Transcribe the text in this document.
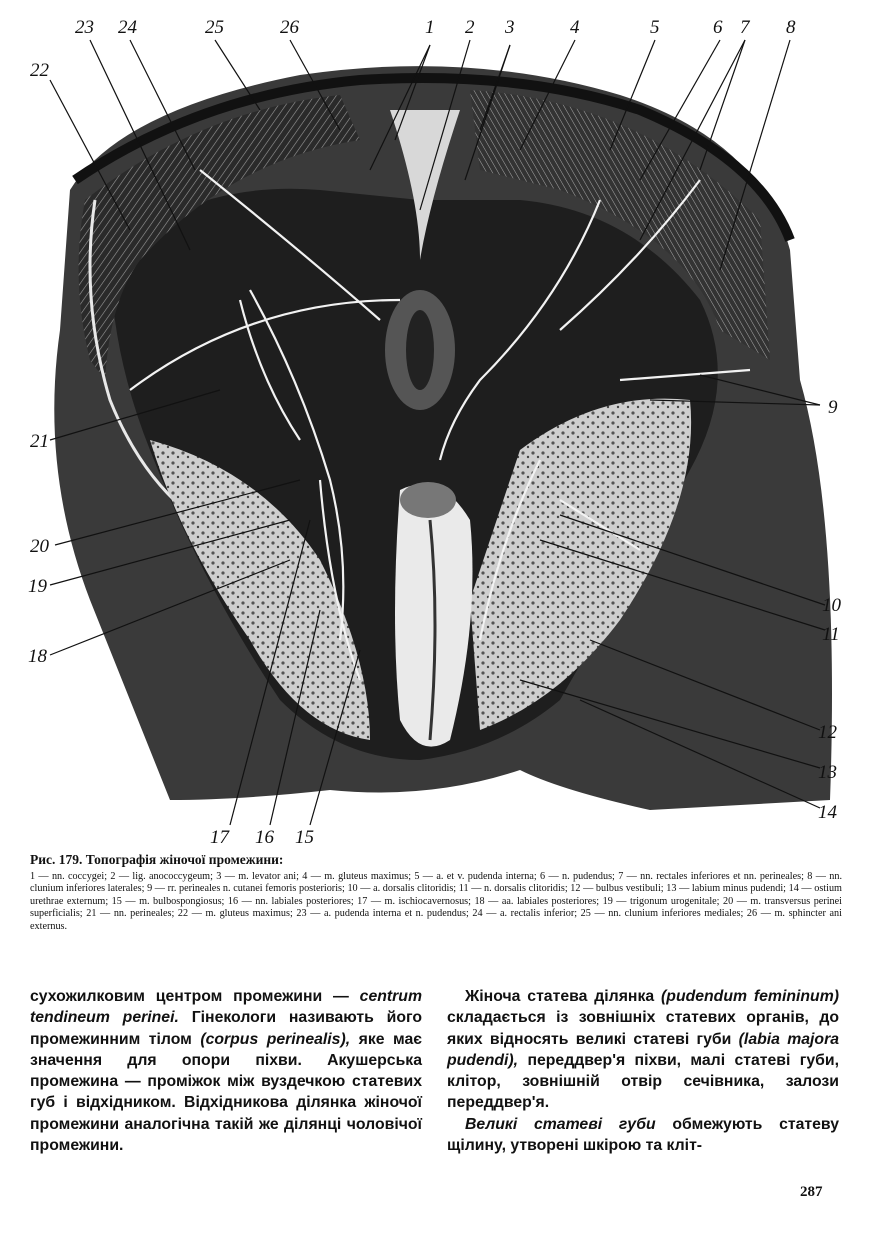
1 2 3	4	5	6 7 8
9
10
11
12
13
14
15
16
17
18
19
20
21
22
23 24	25	26

Рис. 179. Топографія жіночої промежини:

1 — nn. coccygei; 2 — lig. anococcygeum; 3 — m. levator ani; 4 — m. gluteus maximus; 5 — a. et v. pudenda interna; 6 — n. pudendus; 7 — nn. rectales inferiores et nn. perineales; 8 — nn. clunium inferiores laterales; 9 — rr. perineales n. cutanei femoris posterioris; 10 — a. dorsalis clitoridis; 11 — n. dorsalis clitoridis; 12 — bulbus vestibuli; 13 — labium minus pudendi; 14 — ostium urethrae externum; 15 — m. bulbospongiosus; 16 — nn. labiales posteriores; 17 — m. ischiocavernosus; 18 — aa. labiales posteriores; 19 — trigonum urogenitale; 20 — m. transversus perinei superficialis; 21 — nn. perineales; 22 — m. gluteus maximus; 23 — a. pudenda interna et n. pudendus; 24 — a. rectalis inferior; 25 — nn. clunium inferiores mediales; 26 — m. sphincter ani externus.

сухожилковим центром промежини — centrum tendineum perinei. Гінекологи називають його промежинним тілом (corpus perinealis), яке має значення для опори піхви. Акушерська промежина — проміжок між вуздечкою статевих губ і відхідником. Відхідникова ділянка жіночої промежини аналогічна такій же ділянці чоловічої промежини.

Жіноча статева ділянка (pudendum femininum) складається із зовнішніх статевих органів, до яких відносять великі статеві губи (labia majora pudendi), переддвер'я піхви, малі статеві губи, клітор, зовнішній отвір сечівника, залози переддвер'я.

Великі статеві губи обмежують статеву щілину, утворені шкірою та кліт-

287
